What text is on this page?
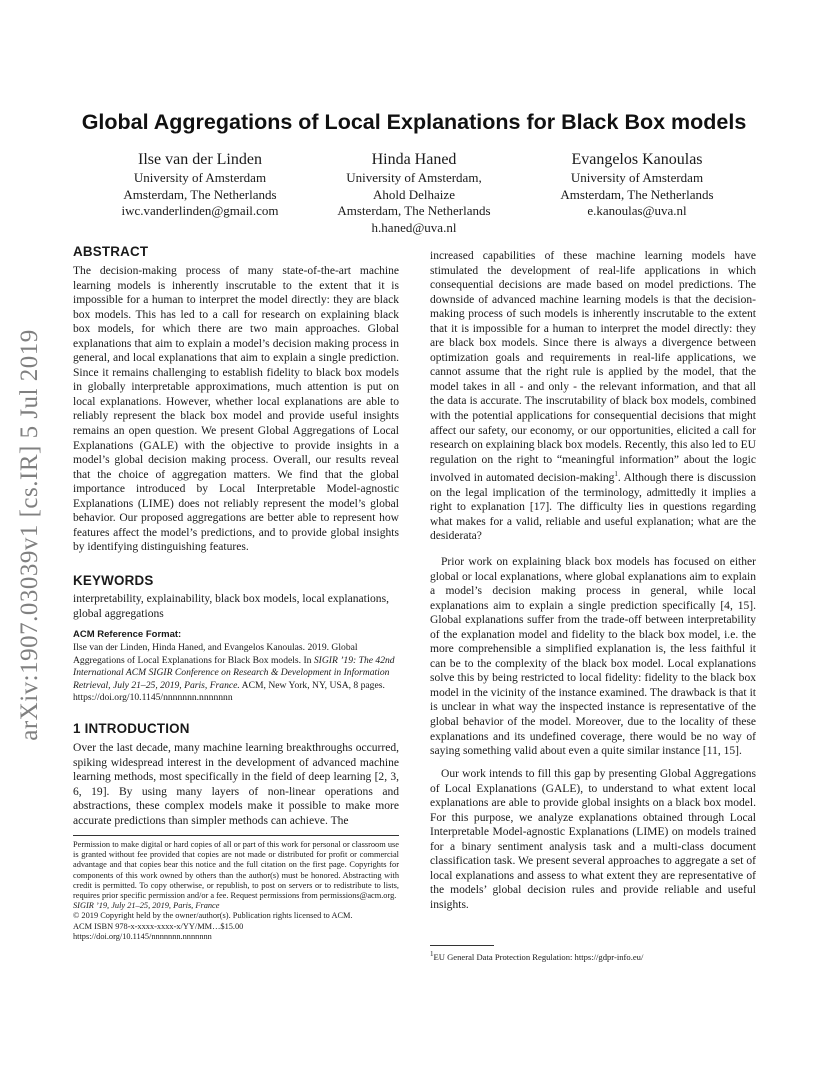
arXiv:1907.03039v1 [cs.IR] 5 Jul 2019
Global Aggregations of Local Explanations for Black Box models
Ilse van der Linden
University of Amsterdam
Amsterdam, The Netherlands
iwc.vanderlinden@gmail.com
Hinda Haned
University of Amsterdam,
Ahold Delhaize
Amsterdam, The Netherlands
h.haned@uva.nl
Evangelos Kanoulas
University of Amsterdam
Amsterdam, The Netherlands
e.kanoulas@uva.nl
ABSTRACT

The decision-making process of many state-of-the-art machine learning models is inherently inscrutable to the extent that it is impossible for a human to interpret the model directly: they are black box models. This has led to a call for research on explaining black box models, for which there are two main approaches. Global explanations that aim to explain a model’s decision making process in general, and local explanations that aim to explain a single prediction. Since it remains challenging to establish fidelity to black box models in globally interpretable approximations, much attention is put on local explanations. However, whether local explanations are able to reliably represent the black box model and provide useful insights remains an open question. We present Global Aggregations of Local Explanations (GALE) with the objective to provide insights in a model’s global decision making process. Overall, our results reveal that the choice of aggregation matters. We find that the global importance introduced by Local Interpretable Model-agnostic Explanations (LIME) does not reliably represent the model’s global behavior. Our proposed aggregations are better able to represent how features affect the model’s predictions, and to provide global insights by identifying distinguishing features.

KEYWORDS

interpretability, explainability, black box models, local explanations, global aggregations

ACM Reference Format:

Ilse van der Linden, Hinda Haned, and Evangelos Kanoulas. 2019. Global Aggregations of Local Explanations for Black Box models. In SIGIR ’19: The 42nd International ACM SIGIR Conference on Research & Development in Information Retrieval, July 21–25, 2019, Paris, France. ACM, New York, NY, USA, 8 pages. https://doi.org/10.1145/nnnnnnn.nnnnnnn

1 INTRODUCTION

Over the last decade, many machine learning breakthroughs occurred, spiking widespread interest in the development of advanced machine learning methods, most specifically in the field of deep learning [2, 3, 6, 19]. By using many layers of non-linear operations and abstractions, these complex models make it possible to make more accurate predictions than simpler methods can achieve. The

Permission to make digital or hard copies of all or part of this work for personal or classroom use is granted without fee provided that copies are not made or distributed for profit or commercial advantage and that copies bear this notice and the full citation on the first page. Copyrights for components of this work owned by others than the author(s) must be honored. Abstracting with credit is permitted. To copy otherwise, or republish, to post on servers or to redistribute to lists, requires prior specific permission and/or a fee. Request permissions from permissions@acm.org.
SIGIR ’19, July 21–25, 2019, Paris, France
© 2019 Copyright held by the owner/author(s). Publication rights licensed to ACM.
ACM ISBN 978-x-xxxx-xxxx-x/YY/MM…$15.00
https://doi.org/10.1145/nnnnnnn.nnnnnnn

increased capabilities of these machine learning models have stimulated the development of real-life applications in which consequential decisions are made based on model predictions. The downside of advanced machine learning models is that the decision-making process of such models is inherently inscrutable to the extent that it is impossible for a human to interpret the model directly: they are black box models. Since there is always a divergence between optimization goals and requirements in real-life applications, we cannot assume that the right rule is applied by the model, that the model takes in all - and only - the relevant information, and that all the data is accurate. The inscrutability of black box models, combined with the potential applications for consequential decisions that might affect our safety, our economy, or our opportunities, elicited a call for research on explaining black box models. Recently, this also led to EU regulation on the right to “meaningful information” about the logic involved in automated decision-making$^1$. Although there is discussion on the legal implication of the terminology, admittedly it implies a right to explanation [17]. The difficulty lies in questions regarding what makes for a valid, reliable and useful explanation; what are the desiderata?

Prior work on explaining black box models has focused on either global or local explanations, where global explanations aim to explain a model’s decision making process in general, while local explanations aim to explain a single prediction specifically [4, 15]. Global explanations suffer from the trade-off between interpretability of the explanation model and fidelity to the black box model, i.e. the more comprehensible a simplified explanation is, the less faithful it can be to the complexity of the black box model. Local explanations solve this by being restricted to local fidelity: fidelity to the black box model in the vicinity of the instance examined. The drawback is that it is unclear in what way the inspected instance is representative of the global behavior of the model. Moreover, due to the locality of these explanations and its undefined coverage, there would be no way of saying something valid about even a quite similar instance [11, 15].

Our work intends to fill this gap by presenting Global Aggregations of Local Explanations (GALE), to understand to what extent local explanations are able to provide global insights on a black box model. For this purpose, we analyze explanations obtained through Local Interpretable Model-agnostic Explanations (LIME) on models trained for a binary sentiment analysis task and a multi-class document classification task. We present several approaches to aggregate a set of local explanations and assess to what extent they are representative of the models’ global decision rules and provide reliable and useful insights.

$^1$EU General Data Protection Regulation: https://gdpr-info.eu/
